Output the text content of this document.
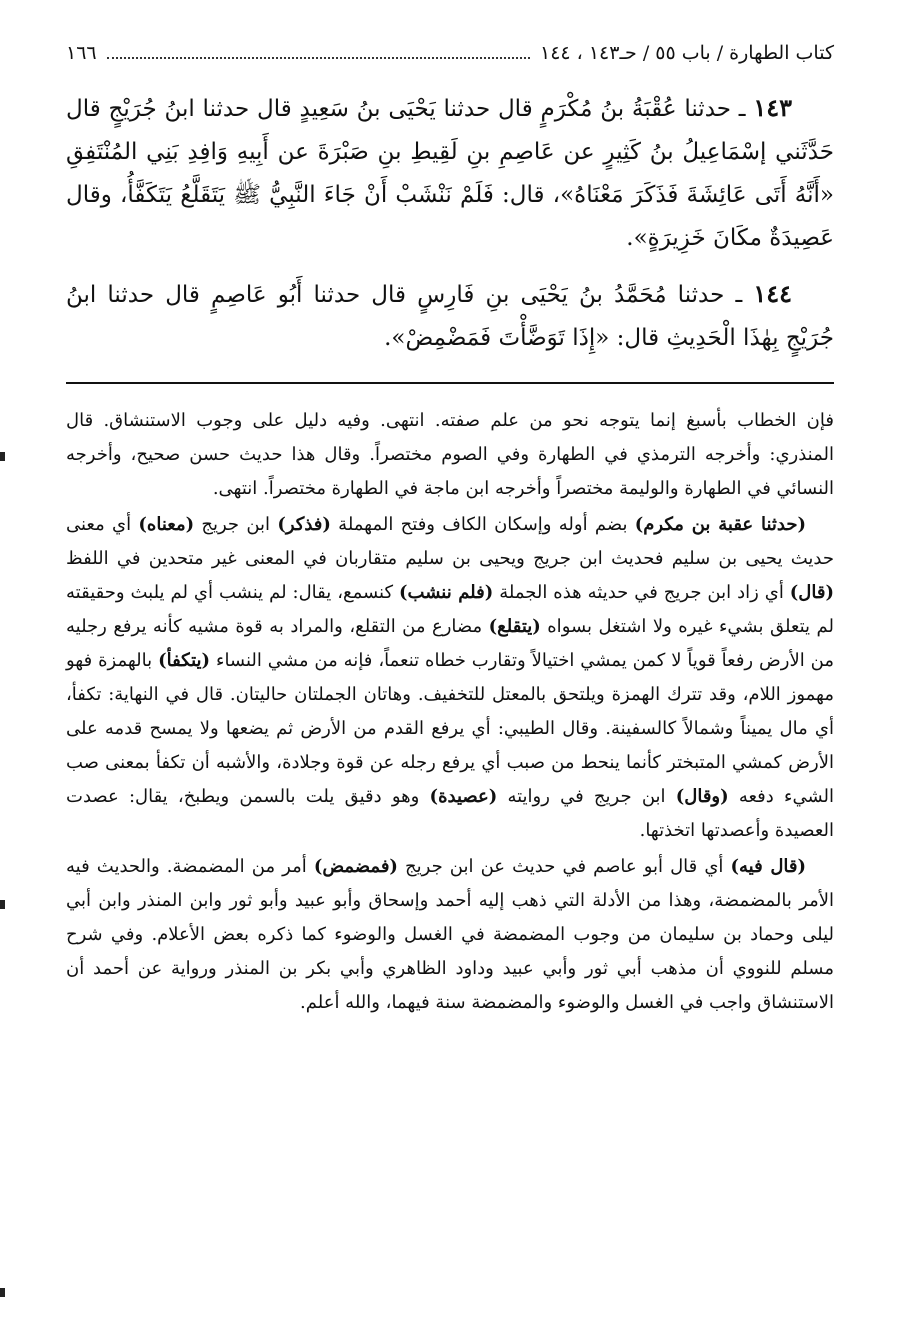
كتاب الطهارة / باب ٥٥ / حـ١٤٣ ، ١٤٤
١٦٦

١٤٣ ـ حدثنا عُقْبَةُ بنُ مُكْرَمٍ قال حدثنا يَحْيَى بنُ سَعِيدٍ قال حدثنا ابنُ جُرَيْجٍ قال حَدَّثَني إسْمَاعِيلُ بنُ كَثِيرٍ عن عَاصِمِ بنِ لَقِيطِ بنِ صَبْرَةَ عن أَبِيهِ وَافِدِ بَنِي المُنْتَفِقِ «أَنَّهُ أَتَى عَائِشَةَ فَذَكَرَ مَعْنَاهُ»، قال: فَلَمْ نَنْشَبْ أَنْ جَاءَ النَّبِيُّ ﷺ يَتَقَلَّعُ يَتَكَفَّأُ، وقال عَصِيدَةٌ مكَانَ خَزِيرَةٍ».

١٤٤ ـ حدثنا مُحَمَّدُ بنُ يَحْيَى بنِ فَارِسٍ قال حدثنا أَبُو عَاصِمٍ قال حدثنا ابنُ جُرَيْجٍ بِهٰذَا الْحَدِيثِ قال: «إِذَا تَوَضَّأْتَ فَمَضْمِضْ».

فإن الخطاب بأسبغ إنما يتوجه نحو من علم صفته. انتهى. وفيه دليل على وجوب الاستنشاق. قال المنذري: وأخرجه الترمذي في الطهارة وفي الصوم مختصراً. وقال هذا حديث حسن صحيح، وأخرجه النسائي في الطهارة والوليمة مختصراً وأخرجه ابن ماجة في الطهارة مختصراً. انتهى.

(حدثنا عقبة بن مكرم) بضم أوله وإسكان الكاف وفتح المهملة (فذكر) ابن جريج (معناه) أي معنى حديث يحيى بن سليم فحديث ابن جريج ويحيى بن سليم متقاربان في المعنى غير متحدين في اللفظ (قال) أي زاد ابن جريج في حديثه هذه الجملة (فلم ننشب) كنسمع، يقال: لم ينشب أي لم يلبث وحقيقته لم يتعلق بشيء غيره ولا اشتغل بسواه (يتقلع) مضارع من التقلع، والمراد به قوة مشيه كأنه يرفع رجليه من الأرض رفعاً قوياً لا كمن يمشي اختيالاً وتقارب خطاه تنعماً، فإنه من مشي النساء (يتكفأ) بالهمزة فهو مهموز اللام، وقد تترك الهمزة ويلتحق بالمعتل للتخفيف. وهاتان الجملتان حاليتان. قال في النهاية: تكفأ، أي مال يميناً وشمالاً كالسفينة. وقال الطيبي: أي يرفع القدم من الأرض ثم يضعها ولا يمسح قدمه على الأرض كمشي المتبختر كأنما ينحط من صبب أي يرفع رجله عن قوة وجلادة، والأشبه أن تكفأ بمعنى صب الشيء دفعه (وقال) ابن جريج في روايته (عصيدة) وهو دقيق يلت بالسمن ويطبخ، يقال: عصدت العصيدة وأعصدتها اتخذتها.

(قال فيه) أي قال أبو عاصم في حديث عن ابن جريج (فمضمض) أمر من المضمضة. والحديث فيه الأمر بالمضمضة، وهذا من الأدلة التي ذهب إليه أحمد وإسحاق وأبو عبيد وأبو ثور وابن المنذر وابن أبي ليلى وحماد بن سليمان من وجوب المضمضة في الغسل والوضوء كما ذكره بعض الأعلام. وفي شرح مسلم للنووي أن مذهب أبي ثور وأبي عبيد وداود الظاهري وأبي بكر بن المنذر ورواية عن أحمد أن الاستنشاق واجب في الغسل والوضوء والمضمضة سنة فيهما، والله أعلم.
